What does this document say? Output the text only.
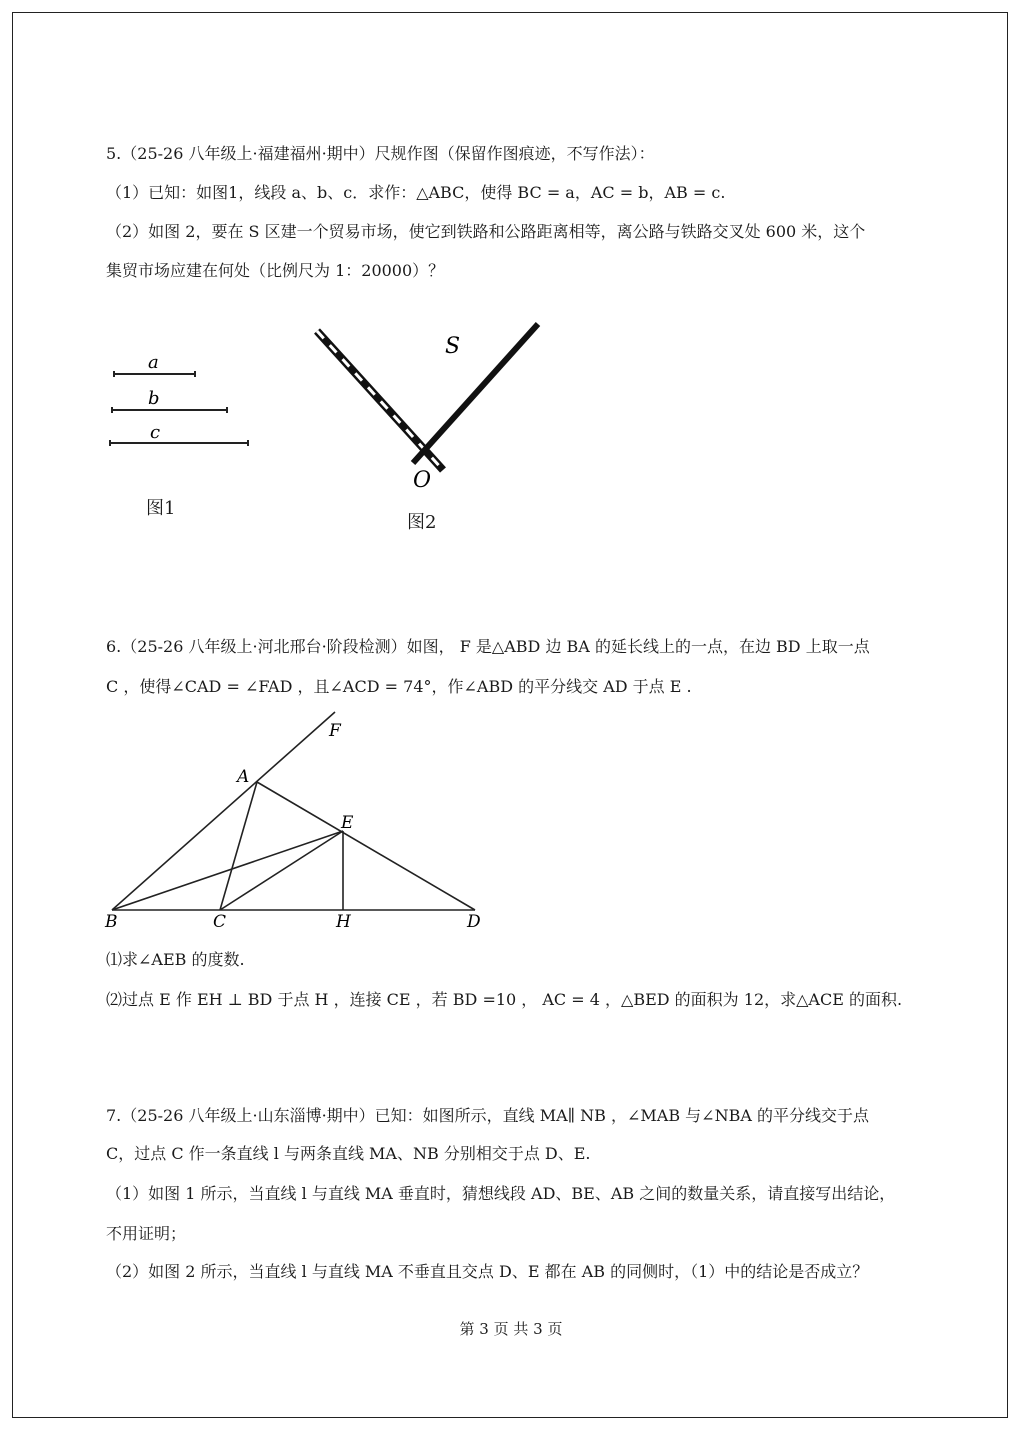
5.（25-26 八年级上·福建福州·期中）尺规作图（保留作图痕迹，不写作法）：
（1）已知：如图1，线段 a、b、c．求作：△ABC，使得 BC = a，AC = b，AB = c.
（2）如图 2，要在 S 区建一个贸易市场，使它到铁路和公路距离相等，离公路与铁路交叉处 600 米，这个
集贸市场应建在何处（比例尺为 1：20000）？
a
b
c
图1
S
O
图2
6.（25-26 八年级上·河北邢台·阶段检测）如图， F 是△ABD 边 BA 的延长线上的一点，在边 BD 上取一点
C ，使得∠CAD = ∠FAD ，且∠ACD = 74°，作∠ABD 的平分线交 AD 于点 E .
A
F
E
B	C	H	D
⑴求∠AEB 的度数.
⑵过点 E 作 EH ⊥ BD 于点 H ，连接 CE ，若 BD =10 ， AC = 4 ，△BED 的面积为 12，求△ACE 的面积.
7.（25-26 八年级上·山东淄博·期中）已知：如图所示，直线 MA∥ NB ，∠MAB 与∠NBA 的平分线交于点
C，过点 C 作一条直线 l 与两条直线 MA、NB 分别相交于点 D、E.
（1）如图 1 所示，当直线 l 与直线 MA 垂直时，猜想线段 AD、BE、AB 之间的数量关系，请直接写出结论，
不用证明；
（2）如图 2 所示，当直线 l 与直线 MA 不垂直且交点 D、E 都在 AB 的同侧时，（1）中的结论是否成立？
第 3 页 共 3 页
